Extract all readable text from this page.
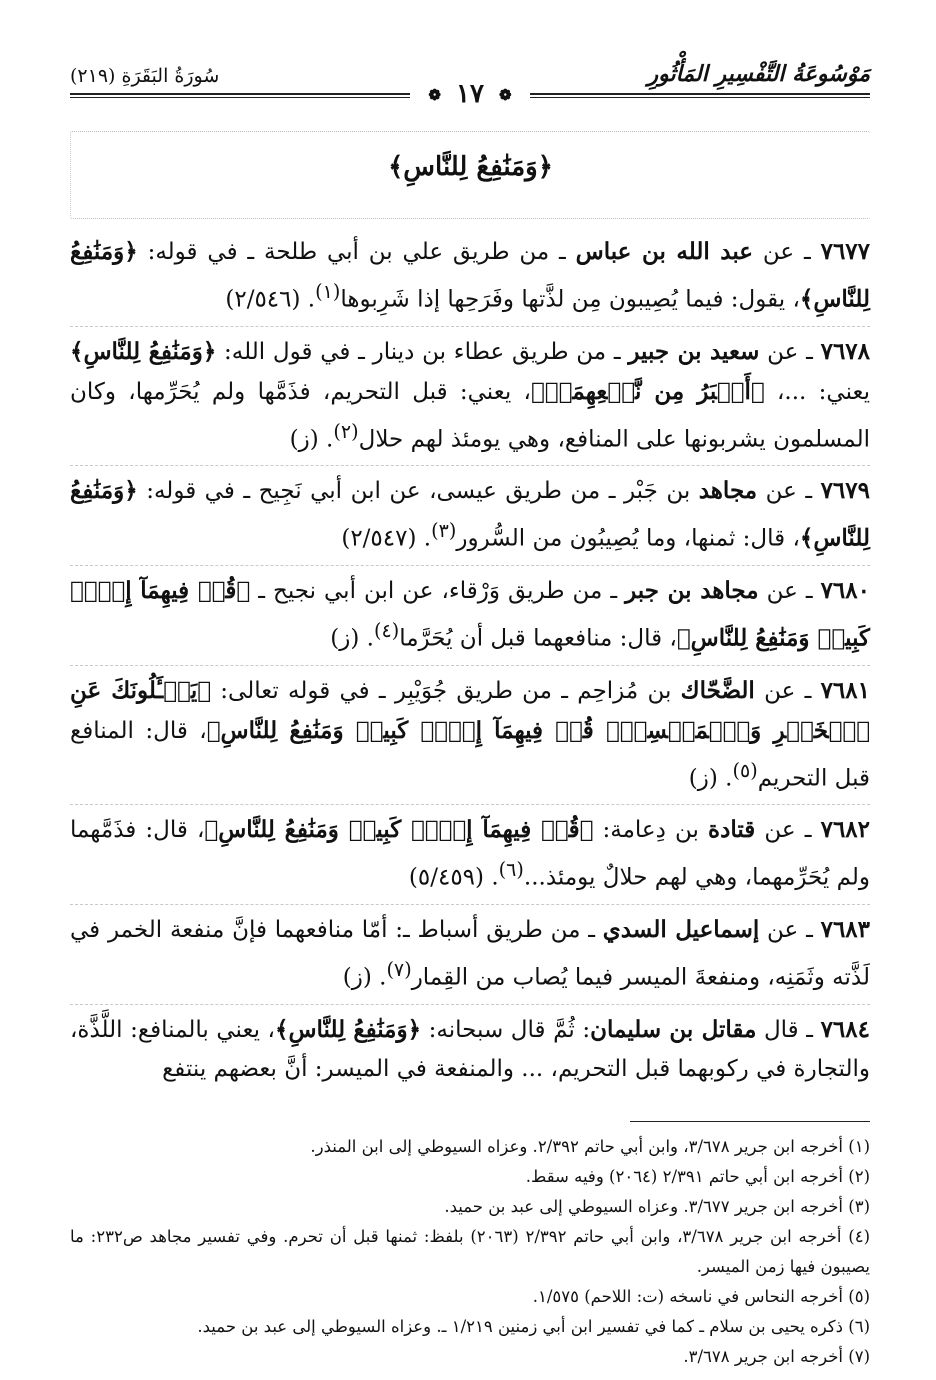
مَوْسُوعَةُ التَّفْسِيرِ المَأْثُورِ
سُورَةُ البَقَرَةِ (٢١٩)
❁ ١٧ ❁
﴿وَمَنَٰفِعُ لِلنَّاسِ﴾

٧٦٧٧ ـ عن عبد الله بن عباس ـ من طريق علي بن أبي طلحة ـ في قوله: ﴿وَمَنَٰفِعُ لِلنَّاسِ﴾، يقول: فيما يُصِيبون مِن لذَّتها وفَرَحِها إذا شَرِبوها$^{(١)}$. (٢/٥٤٦)

٧٦٧٨ ـ عن سعيد بن جبير ـ من طريق عطاء بن دينار ـ في قول الله: ﴿وَمَنَٰفِعُ لِلنَّاسِ﴾ يعني: ...، ﴿أَكۡبَرُ مِن نَّفۡعِهِمَاۗ﴾، يعني: قبل التحريم، فذَمَّها ولم يُحَرِّمها، وكان المسلمون يشربونها على المنافع، وهي يومئذ لهم حلال$^{(٢)}$. (ز)

٧٦٧٩ ـ عن مجاهد بن جَبْر ـ من طريق عيسى، عن ابن أبي نَجِيح ـ في قوله: ﴿وَمَنَٰفِعُ لِلنَّاسِ﴾، قال: ثمنها، وما يُصِيبُون من السُّرور$^{(٣)}$. (٢/٥٤٧)

٧٦٨٠ ـ عن مجاهد بن جبر ـ من طريق وَرْقاء، عن ابن أبي نجيح ـ ﴿قُلۡ فِيهِمَآ إِثۡمٞ كَبِيرٞ وَمَنَٰفِعُ لِلنَّاسِ﴾، قال: منافعهما قبل أن يُحَرَّما$^{(٤)}$. (ز)

٧٦٨١ ـ عن الضَّحّاك بن مُزاحِم ـ من طريق جُوَيْبِر ـ في قوله تعالى: ﴿يَسۡـَٔلُونَكَ عَنِ ٱلۡخَمۡرِ وَٱلۡمَيۡسِرِۖ قُلۡ فِيهِمَآ إِثۡمٞ كَبِيرٞ وَمَنَٰفِعُ لِلنَّاسِ﴾، قال: المنافع قبل التحريم$^{(٥)}$. (ز)

٧٦٨٢ ـ عن قتادة بن دِعامة: ﴿قُلۡ فِيهِمَآ إِثۡمٞ كَبِيرٞ وَمَنَٰفِعُ لِلنَّاسِ﴾، قال: فذَمَّهما ولم يُحَرِّمهما، وهي لهم حلالٌ يومئذ...$^{(٦)}$. (٥/٤٥٩)

٧٦٨٣ ـ عن إسماعيل السدي ـ من طريق أسباط ـ: أمّا منافعهما فإنَّ منفعة الخمر في لَذَّته وثَمَنِه، ومنفعةَ الميسر فيما يُصاب من القِمار$^{(٧)}$. (ز)

٧٦٨٤ ـ قال مقاتل بن سليمان: ثُمَّ قال سبحانه: ﴿وَمَنَٰفِعُ لِلنَّاسِ﴾، يعني بالمنافع: اللَّذَّة، والتجارة في ركوبهما قبل التحريم، ... والمنفعة في الميسر: أنَّ بعضهم ينتفع

(١) أخرجه ابن جرير ٣/٦٧٨، وابن أبي حاتم ٢/٣٩٢. وعزاه السيوطي إلى ابن المنذر.
(٢) أخرجه ابن أبي حاتم ٢/٣٩١ (٢٠٦٤) وفيه سقط.
(٣) أخرجه ابن جرير ٣/٦٧٧. وعزاه السيوطي إلى عبد بن حميد.
(٤) أخرجه ابن جرير ٣/٦٧٨، وابن أبي حاتم ٢/٣٩٢ (٢٠٦٣) بلفظ: ثمنها قبل أن تحرم. وفي تفسير مجاهد ص٢٣٢: ما يصيبون فيها زمن الميسر.
(٥) أخرجه النحاس في ناسخه (ت: اللاحم) ١/٥٧٥.
(٦) ذكره يحيى بن سلام ـ كما في تفسير ابن أبي زمنين ١/٢١٩ ـ. وعزاه السيوطي إلى عبد بن حميد.
(٧) أخرجه ابن جرير ٣/٦٧٨.
